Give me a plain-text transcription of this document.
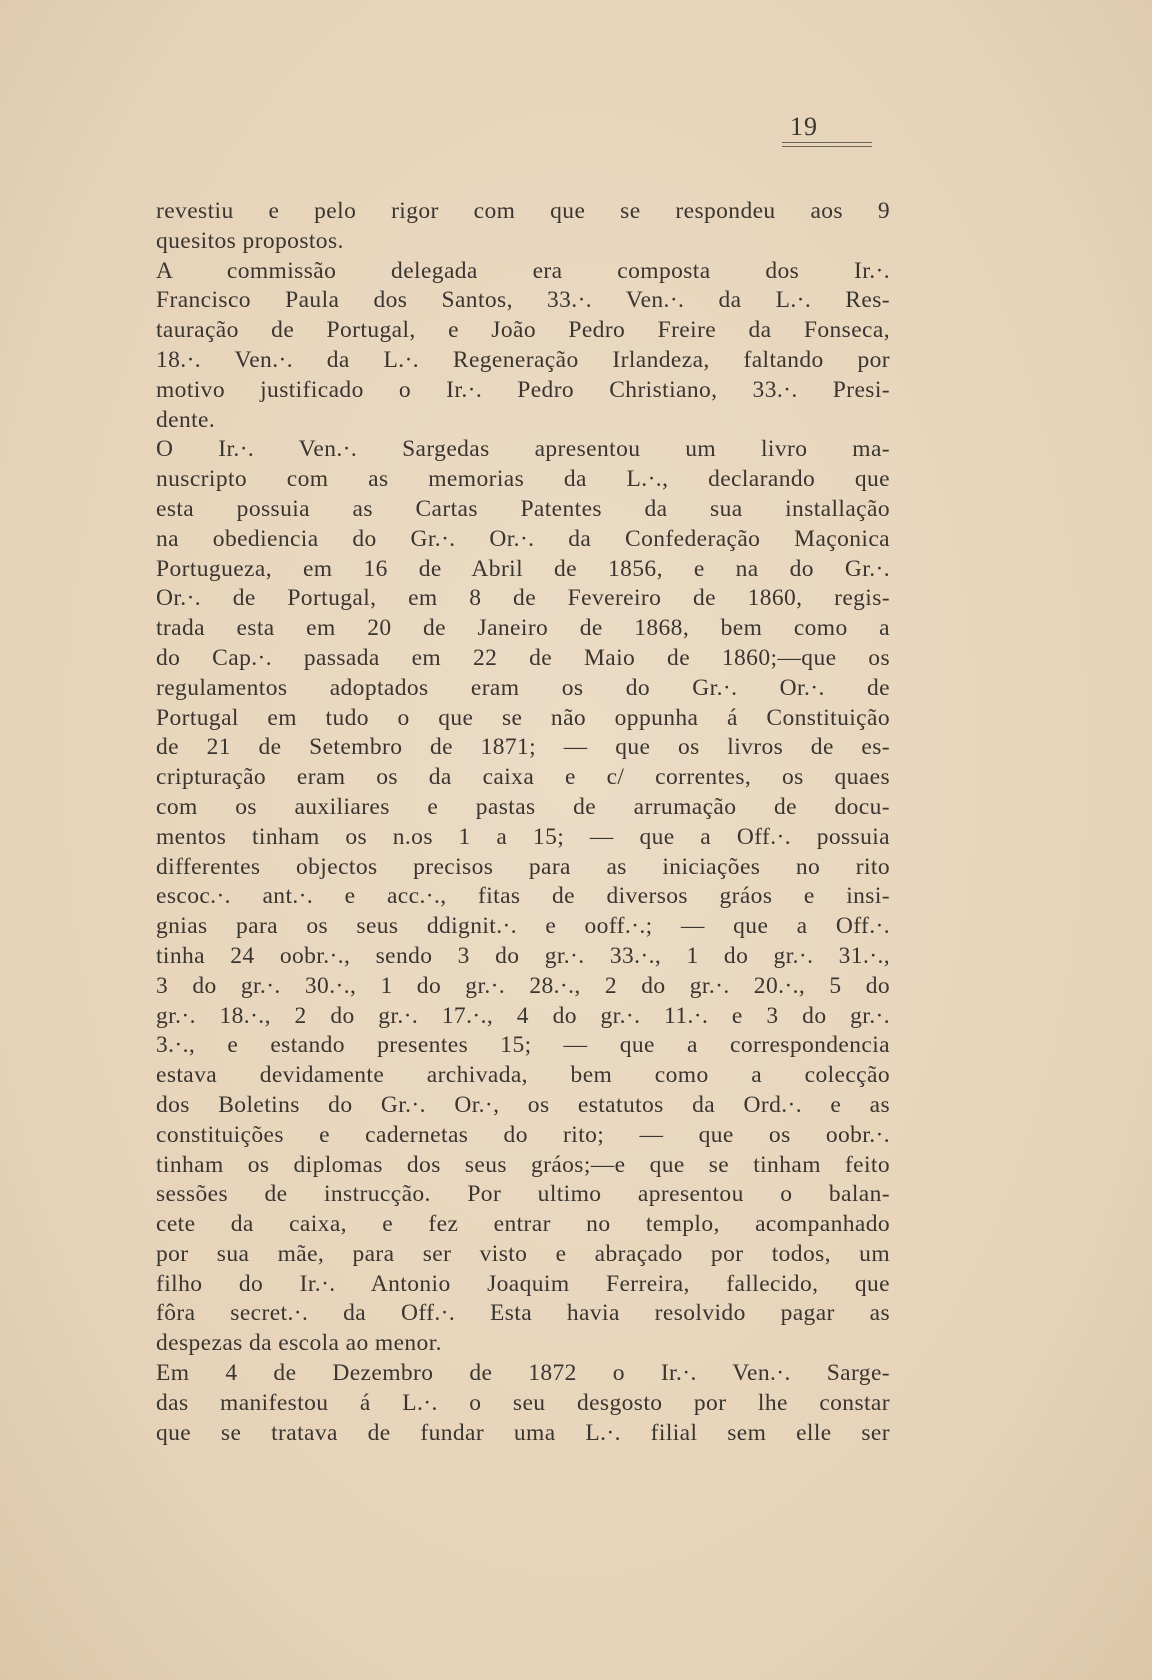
19
revestiu e pelo rigor com que se respondeu aos 9
quesitos propostos.
A commissão delegada era composta dos Ir.·.
Francisco Paula dos Santos, 33.·. Ven.·. da L.·. Res-
tauração de Portugal, e João Pedro Freire da Fonseca,
18.·. Ven.·. da L.·. Regeneração Irlandeza, faltando por
motivo justificado o Ir.·. Pedro Christiano, 33.·. Presi-
dente.
O Ir.·. Ven.·. Sargedas apresentou um livro ma-
nuscripto com as memorias da L.·., declarando que
esta possuia as Cartas Patentes da sua installação
na obediencia do Gr.·. Or.·. da Confederação Maçonica
Portugueza, em 16 de Abril de 1856, e na do Gr.·.
Or.·. de Portugal, em 8 de Fevereiro de 1860, regis-
trada esta em 20 de Janeiro de 1868, bem como a
do Cap.·. passada em 22 de Maio de 1860;—que os
regulamentos adoptados eram os do Gr.·. Or.·. de
Portugal em tudo o que se não oppunha á Constituição
de 21 de Setembro de 1871; — que os livros de es-
cripturação eram os da caixa e c/ correntes, os quaes
com os auxiliares e pastas de arrumação de docu-
mentos tinham os n.os 1 a 15; — que a Off.·. possuia
differentes objectos precisos para as iniciações no rito
escoc.·. ant.·. e acc.·., fitas de diversos gráos e insi-
gnias para os seus ddignit.·. e ooff.·.; — que a Off.·.
tinha 24 oobr.·., sendo 3 do gr.·. 33.·., 1 do gr.·. 31.·.,
3 do gr.·. 30.·., 1 do gr.·. 28.·., 2 do gr.·. 20.·., 5 do
gr.·. 18.·., 2 do gr.·. 17.·., 4 do gr.·. 11.·. e 3 do gr.·.
3.·., e estando presentes 15; — que a correspondencia
estava devidamente archivada, bem como a colecção
dos Boletins do Gr.·. Or.·, os estatutos da Ord.·. e as
constituições e cadernetas do rito; — que os oobr.·.
tinham os diplomas dos seus gráos;—e que se tinham feito
sessões de instrucção. Por ultimo apresentou o balan-
cete da caixa, e fez entrar no templo, acompanhado
por sua mãe, para ser visto e abraçado por todos, um
filho do Ir.·. Antonio Joaquim Ferreira, fallecido, que
fôra secret.·. da Off.·. Esta havia resolvido pagar as
despezas da escola ao menor.
Em 4 de Dezembro de 1872 o Ir.·. Ven.·. Sarge-
das manifestou á L.·. o seu desgosto por lhe constar
que se tratava de fundar uma L.·. filial sem elle ser
